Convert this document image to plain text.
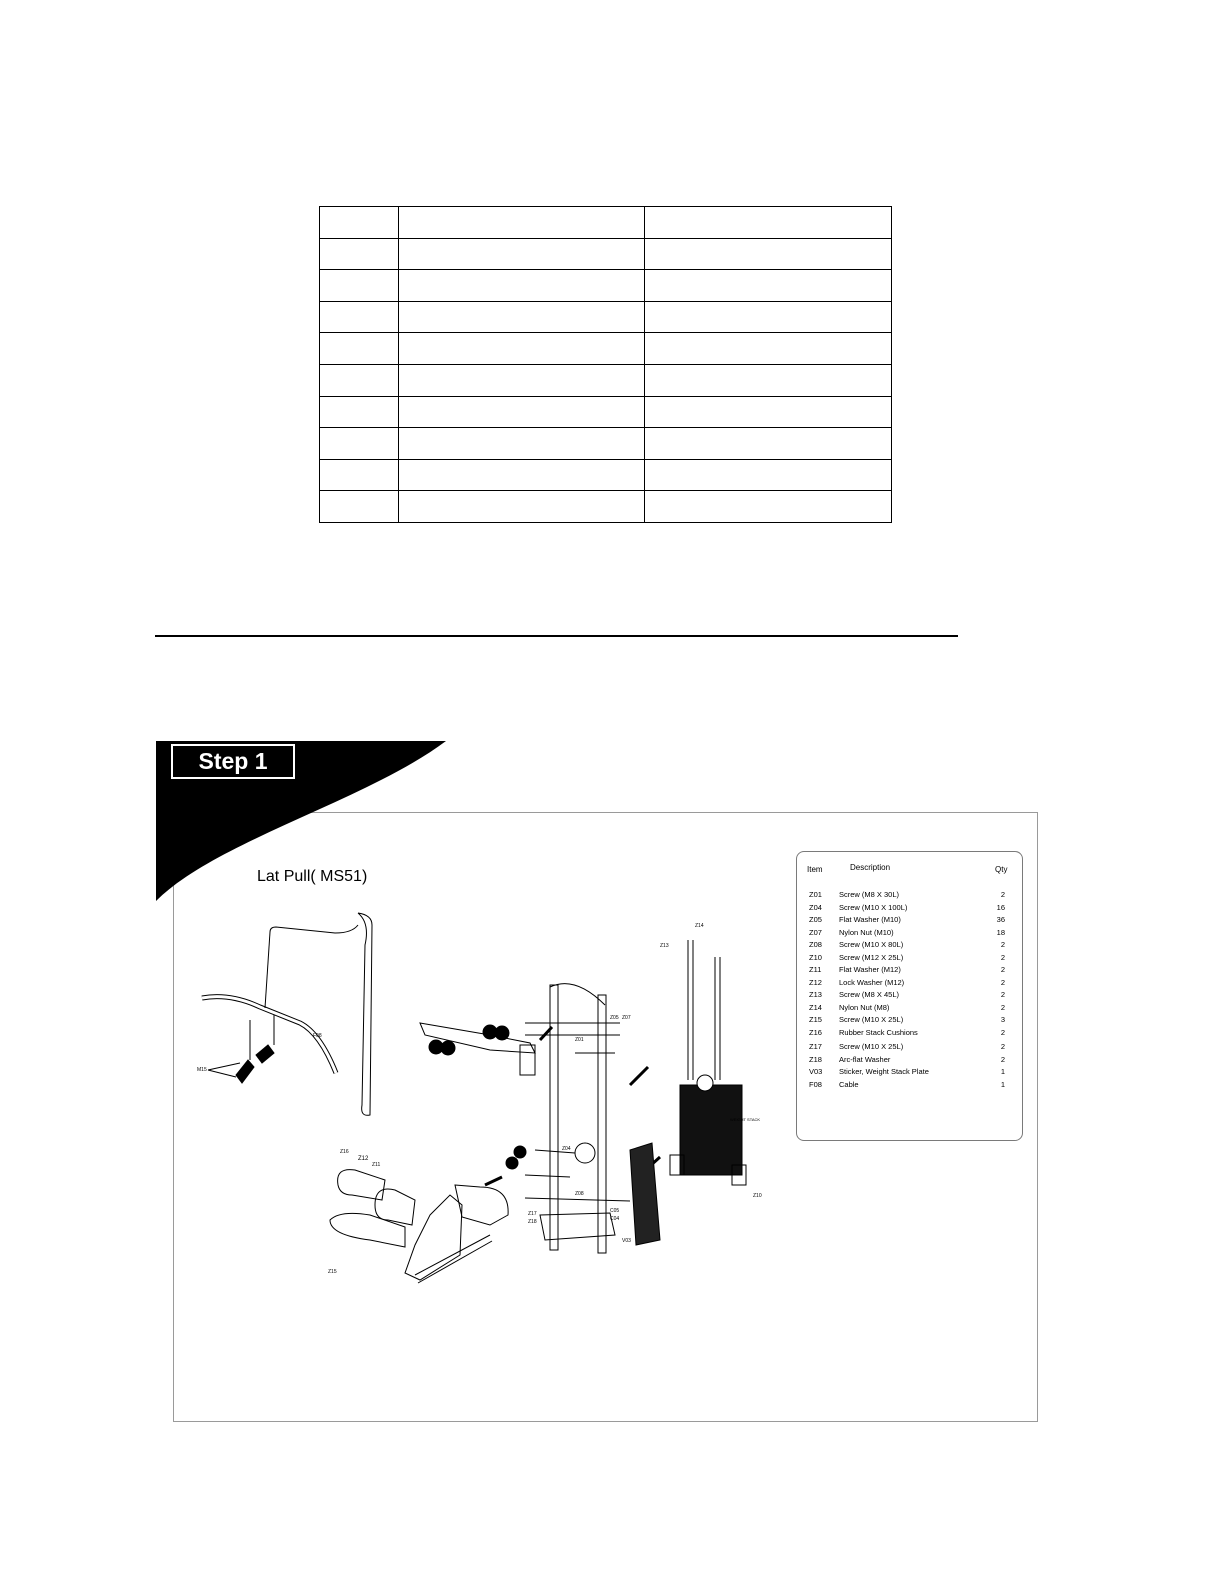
Step 1
Lat Pull( MS51)	Item	Description	Qty
Z01 Screw (M8 X 30L)	2
Z04 Screw (M10 X 100L)	16
Z05 Flat Washer (M10)	36
Z07 Nylon Nut (M10)	18
Z08 Screw (M10 X 80L)	2
Z10 Screw (M12 X 25L)	2
Z11 Flat Washer (M12)	2
Z12 Lock Washer (M12)	2
Z13 Screw (M8 X 45L)	2
Z14 Nylon Nut (M8)	2
Z15 Screw (M10 X 25L)	3
Z16 Rubber Stack Cushions	2
Z17 Screw (M10 X 25L)	2
Z18 Arc-flat Washer	2
V03 Sticker, Weight Stack Plate	1
F08 Cable	1
F08
M15
Z05 Z07
Z01
Z04
Z08
Z17
Z18
C05
C04
Z16
Z12
Z11
Z15
Z13
Z14
WEIGHT STACK
V03
Z10
